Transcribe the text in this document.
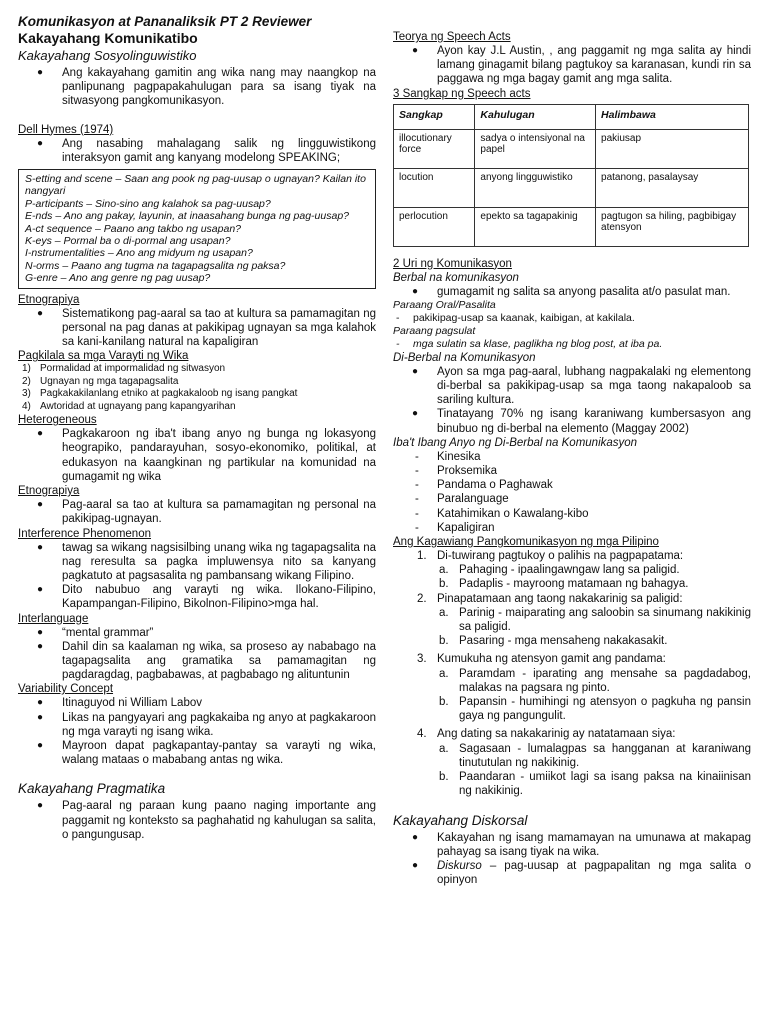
Komunikasyon at Pananaliksik PT 2 Reviewer
Kakayahang Komunikatibo
Kakayahang Sosyolinguwistiko
● Ang kakayahang gamitin ang wika nang may naangkop na panlipunang pagpapakahulugan para sa isang tiyak na sitwasyong pangkomunikasyon.
Dell Hymes (1974)
● Ang nasabing mahalagang salik ng lingguwistikong interaksyon gamit ang kanyang modelong SPEAKING;
S-etting and scene – Saan ang pook ng pag-uusap o ugnayan? Kailan ito nangyari
P-articipants – Sino-sino ang kalahok sa pag-uusap?
E-nds – Ano ang pakay, layunin, at inaasahang bunga ng pag-uusap?
A-ct sequence – Paano ang takbo ng usapan?
K-eys – Pormal ba o di-pormal ang usapan?
I-nstrumentalities – Ano ang midyum ng usapan?
N-orms – Paano ang tugma na tagapagsalita ng paksa?
G-enre – Ano ang genre ng pag uusap?
Etnograpiya
● Sistematikong pag-aaral sa tao at kultura sa pamamagitan ng personal na pag danas at pakikipag ugnayan sa mga kalahok sa kani-kanilang natural na kapaligiran
Pagkilala sa mga Varayti ng Wika
1) Pormalidad at impormalidad ng sitwasyon
2) Ugnayan ng mga tagapagsalita
3) Pagkakakilanlang etniko at pagkakaloob ng isang pangkat
4) Awtoridad at ugnayang pang kapangyarihan
Heterogeneous
● Pagkakaroon ng iba't ibang anyo ng bunga ng lokasyong heograpiko, pandarayuhan, sosyo-ekonomiko, politikal, at edukasyon na kaangkinan ng partikular na komunidad na gumagamit ng wika
Etnograpiya
● Pag-aaral sa tao at kultura sa pamamagitan ng personal na pakikipag-ugnayan.
Interference Phenomenon
● tawag sa wikang nagsisilbing unang wika ng tagapagsalita na nag reresulta sa pagka impluwensya nito sa kanyang pagkatuto at pagsasalita ng pambansang wikang Filipino.
● Dito nabubuo ang varayti ng wika. Ilokano-Filipino, Kapampangan-Filipino, Bikolnon-Filipino>mga hal.
Interlanguage
● “mental grammar”
● Dahil din sa kaalaman ng wika, sa proseso ay nababago na tagapagsalita ang gramatika sa pamamagitan ng pagdaragdag, pagbabawas, at pagbabago ng alituntunin
Variability Concept
● Itinaguyod ni William Labov
● Likas na pangyayari ang pagkakaiba ng anyo at pagkakaroon ng mga varayti ng isang wika.
● Mayroon dapat pagkapantay-pantay sa varayti ng wika, walang mataas o mababang antas ng wika.
Kakayahang Pragmatika
● Pag-aaral ng paraan kung paano naging importante ang paggamit ng konteksto sa paghahatid ng kahulugan sa salita, o pangungusap.
Teorya ng Speech Acts
● Ayon kay J.L Austin, , ang paggamit ng mga salita ay hindi lamang ginagamit bilang pagtukoy sa karanasan, kundi rin sa paggawa ng mga bagay gamit ang mga salita.
3 Sangkap ng Speech acts
Sangkap	Kahulugan	Halimbawa
illocutionary force	sadya o intensiyonal na papel	pakiusap
locution	anyong lingguwistiko	patanong, pasalaysay
perlocution	epekto sa tagapakinig	pagtugon sa hiling, pagbibigay atensyon
2 Uri ng Komunikasyon
Berbal na komunikasyon
● gumagamit ng salita sa anyong pasalita at/o pasulat man.
Paraang Oral/Pasalita
- pakikipag-usap sa kaanak, kaibigan, at kakilala.
Paraang pagsulat
- mga sulatin sa klase, paglikha ng blog post, at iba pa.
Di-Berbal na Komunikasyon
● Ayon sa mga pag-aaral, lubhang nagpakalaki ng elementong di-berbal sa pakikipag-usap sa mga taong nakapaloob sa sariling kultura.
● Tinatayang 70% ng isang karaniwang kumbersasyon ang binubuo ng di-berbal na elemento (Maggay 2002)
Iba't Ibang Anyo ng Di-Berbal na Komunikasyon
- Kinesika
- Proksemika
- Pandama o Paghawak
- Paralanguage
- Katahimikan o Kawalang-kibo
- Kapaligiran
Ang Kagawiang Pangkomunikasyon ng mga Pilipino
1. Di-tuwirang pagtukoy o palihis na pagpapatama:
a. Pahaging - ipaalingawngaw lang sa paligid.
b. Padaplis - mayroong matamaan ng bahagya.
2. Pinapatamaan ang taong nakakarinig sa paligid:
a. Parinig - maiparating ang saloobin sa sinumang nakikinig sa paligid.
b. Pasaring - mga mensaheng nakakasakit.
3. Kumukuha ng atensyon gamit ang pandama:
a. Paramdam - iparating ang mensahe sa pagdadabog, malakas na pagsara ng pinto.
b. Papansin - humihingi ng atensyon o pagkuha ng pansin gaya ng pangungulit.
4. Ang dating sa nakakarinig ay natatamaan siya:
a. Sagasaan - lumalagpas sa hangganan at karaniwang tinututulan ng nakikinig.
b. Paandaran - umiikot lagi sa isang paksa na kinaiinisan ng nakikinig.
Kakayahang Diskorsal
● Kakayahan ng isang mamamayan na umunawa at makapag pahayag sa isang tiyak na wika.
● Diskurso – pag-uusap at pagpapalitan ng mga salita o opinyon
